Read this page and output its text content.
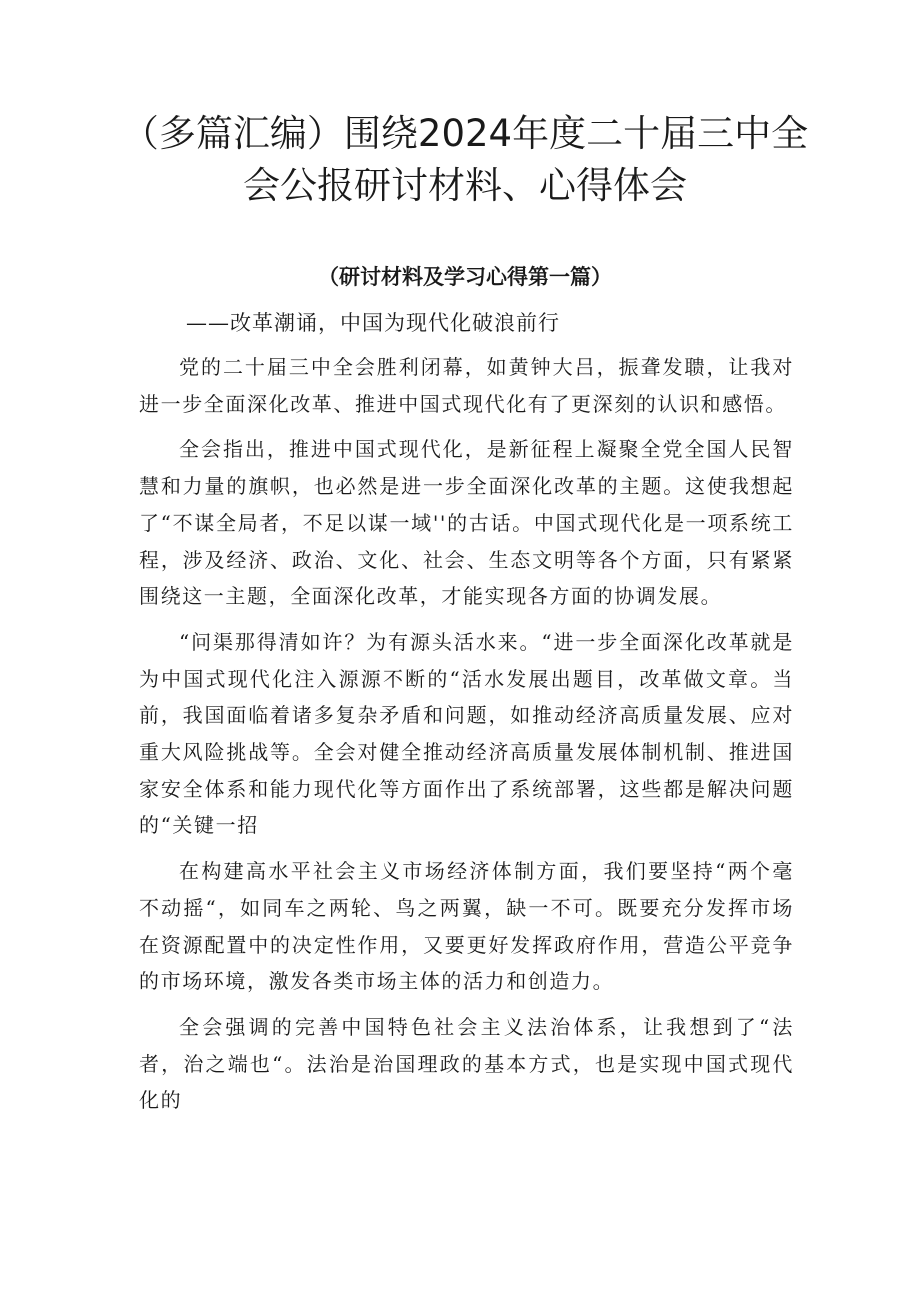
（多篇汇编）围绕2024年度二十届三中全会公报研讨材料、心得体会
（研讨材料及学习心得第一篇）

——改革潮诵，中国为现代化破浪前行

党的二十届三中全会胜利闭幕，如黄钟大吕，振聋发聩，让我对进一步全面深化改革、推进中国式现代化有了更深刻的认识和感悟。

全会指出，推进中国式现代化，是新征程上凝聚全党全国人民智慧和力量的旗帜，也必然是进一步全面深化改革的主题。这使我想起了“不谋全局者，不足以谋一域''的古话。中国式现代化是一项系统工程，涉及经济、政治、文化、社会、生态文明等各个方面，只有紧紧围绕这一主题，全面深化改革，才能实现各方面的协调发展。

“问渠那得清如许？为有源头活水来。“进一步全面深化改革就是为中国式现代化注入源源不断的“活水发展出题目，改革做文章。当前，我国面临着诸多复杂矛盾和问题，如推动经济高质量发展、应对重大风险挑战等。全会对健全推动经济高质量发展体制机制、推进国家安全体系和能力现代化等方面作出了系统部署，这些都是解决问题的“关键一招

在构建高水平社会主义市场经济体制方面，我们要坚持“两个毫不动摇“，如同车之两轮、鸟之两翼，缺一不可。既要充分发挥市场在资源配置中的决定性作用，又要更好发挥政府作用，营造公平竞争的市场环境，激发各类市场主体的活力和创造力。

全会强调的完善中国特色社会主义法治体系，让我想到了“法者，治之端也“。法治是治国理政的基本方式，也是实现中国式现代化的
